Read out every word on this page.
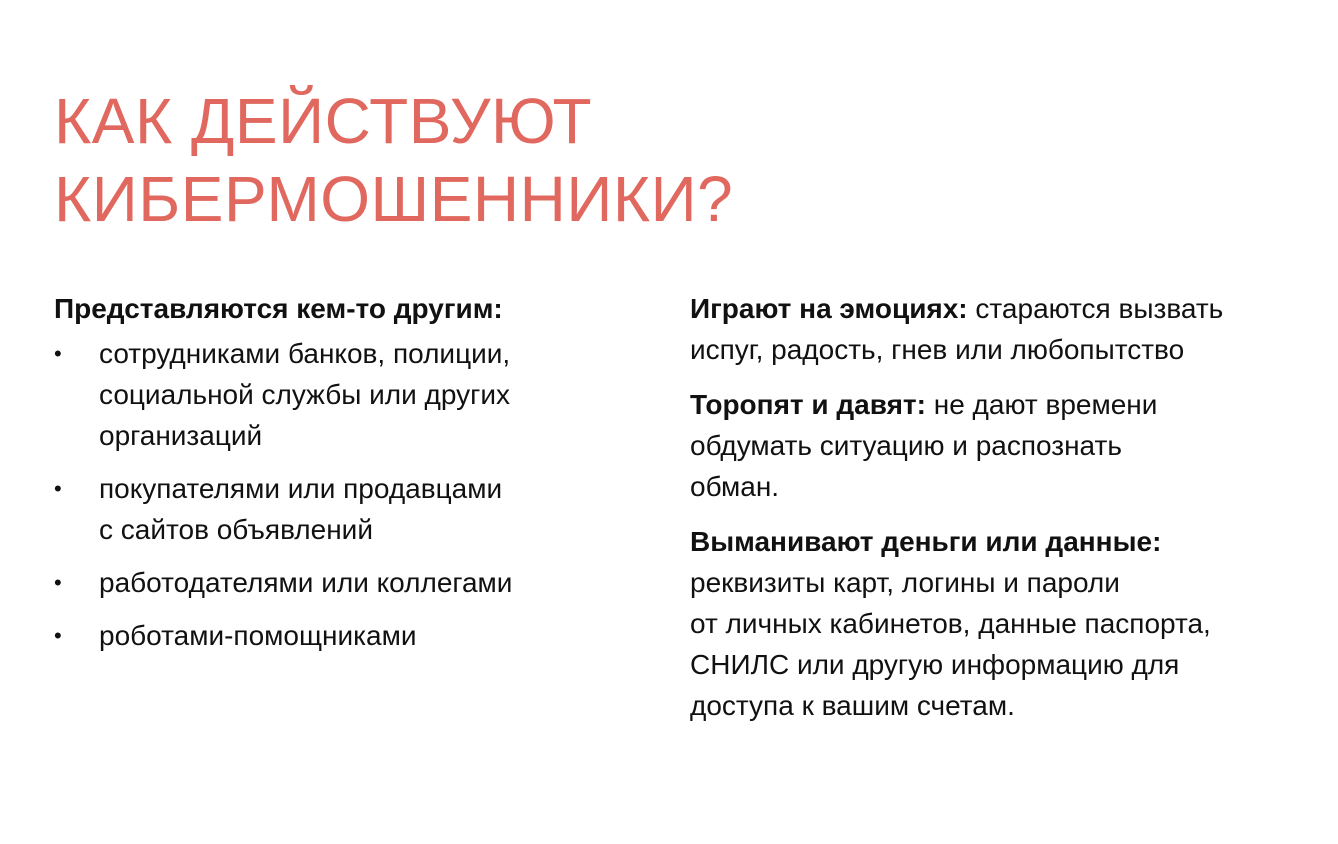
КАК ДЕЙСТВУЮТ
КИБЕРМОШЕННИКИ?
Представляются кем-то другим:
•	сотрудниками банков, полиции,
социальной службы или других
организаций
•	покупателями или продавцами
с сайтов объявлений
•	работодателями или коллегами
•	роботами-помощниками
Играют на эмоциях: стараются вызвать
испуг, радость, гнев или любопытство
Торопят и давят: не дают времени
обдумать ситуацию и распознать
обман.
Выманивают деньги или данные:
реквизиты карт, логины и пароли
от личных кабинетов, данные паспорта,
СНИЛС или другую информацию для
доступа к вашим счетам.
